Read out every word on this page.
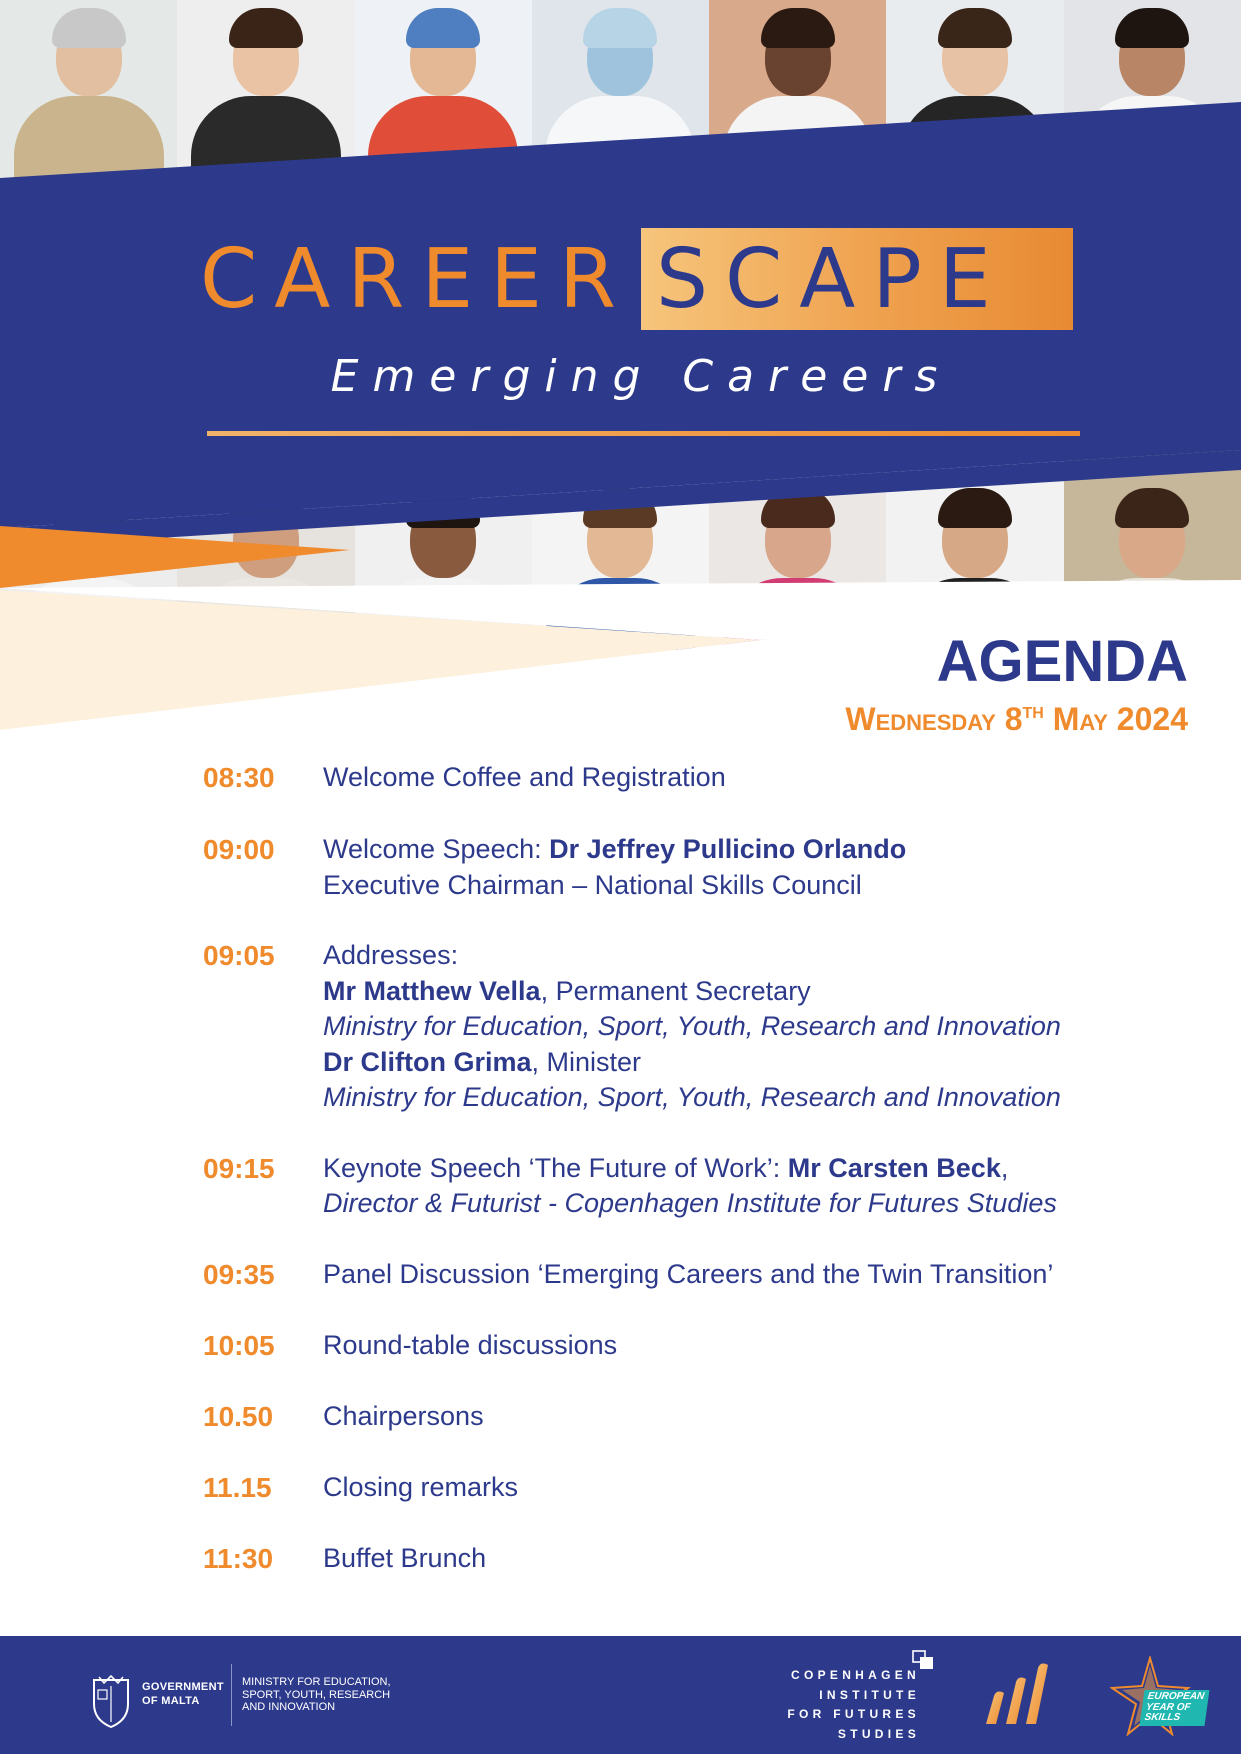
CAREER SCAPE
Emerging Careers
AGENDA
Wednesday 8TH May 2024
08:30	Welcome Coffee and Registration
09:00	Welcome Speech: Dr Jeffrey Pullicino Orlando
Executive Chairman – National Skills Council
09:05	Addresses:
Mr Matthew Vella, Permanent Secretary
Ministry for Education, Sport, Youth, Research and Innovation
Dr Clifton Grima, Minister
Ministry for Education, Sport, Youth, Research and Innovation
09:15	Keynote Speech ‘The Future of Work’: Mr Carsten Beck,
Director & Futurist - Copenhagen Institute for Futures Studies
09:35	Panel Discussion ‘Emerging Careers and the Twin Transition’
10:05	Round-table discussions
10.50	Chairpersons
11.15	Closing remarks
11:30	Buffet Brunch
GOVERNMENT
OF MALTA
MINISTRY FOR EDUCATION,
SPORT, YOUTH, RESEARCH
AND INNOVATION
COPENHAGEN
INSTITUTE
FOR FUTURES
STUDIES
EUROPEAN
YEAR OF
SKILLS
